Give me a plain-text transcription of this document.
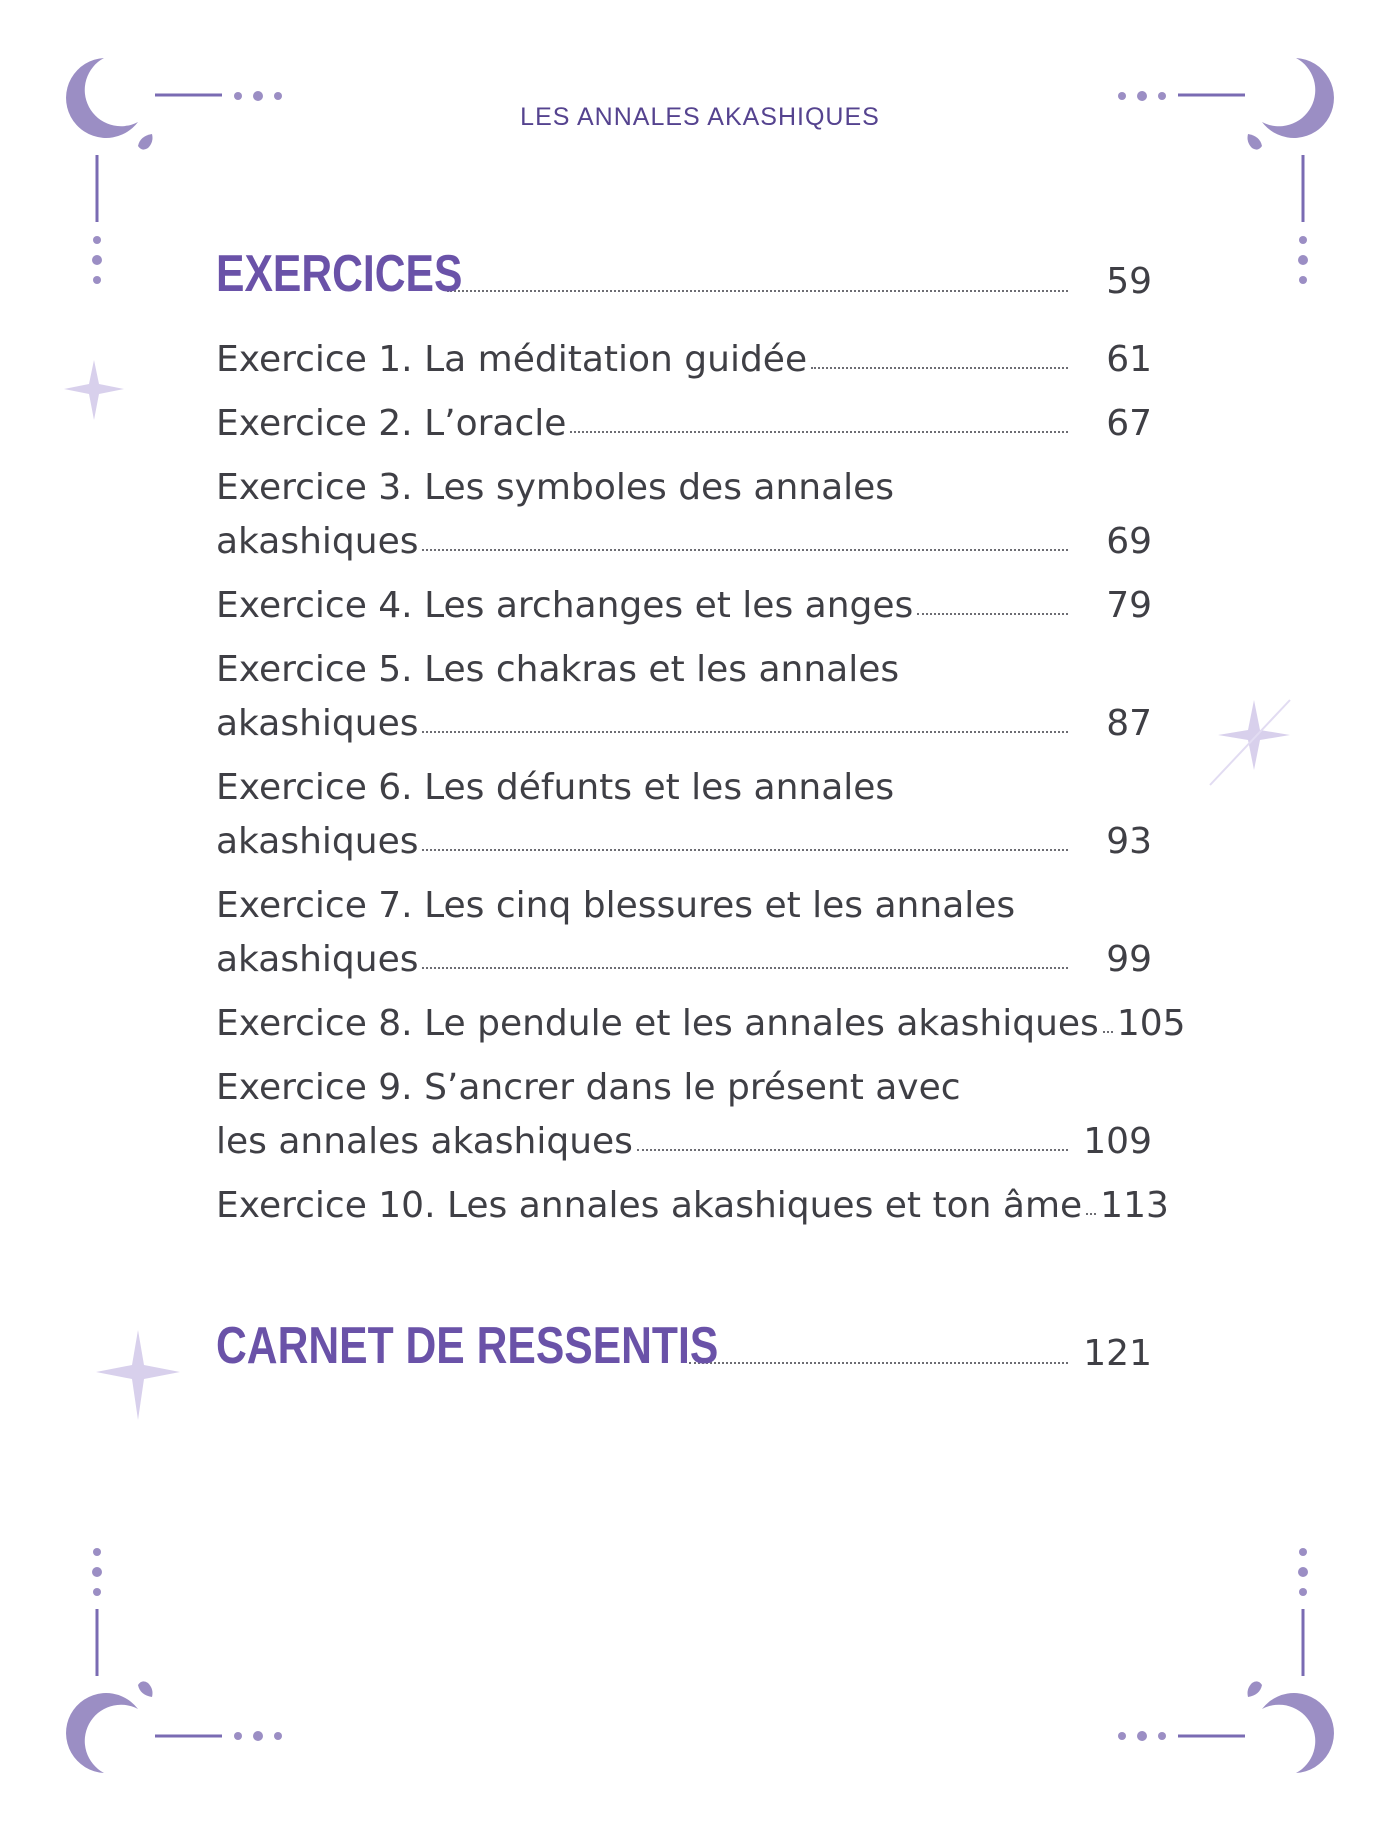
LES ANNALES AKASHIQUES
EXERCICES	59
Exercice 1. La méditation guidée	61
Exercice 2. L’oracle	67
Exercice 3. Les symboles des annales
akashiques	69
Exercice 4. Les archanges et les anges	79
Exercice 5. Les chakras et les annales
akashiques	87
Exercice 6. Les défunts et les annales
akashiques	93
Exercice 7. Les cinq blessures et les annales
akashiques	99
Exercice 8. Le pendule et les annales akashiques 105
Exercice 9. S’ancrer dans le présent avec
les annales akashiques	109
Exercice 10. Les annales akashiques et ton âme 113
CARNET DE RESSENTIS	121
